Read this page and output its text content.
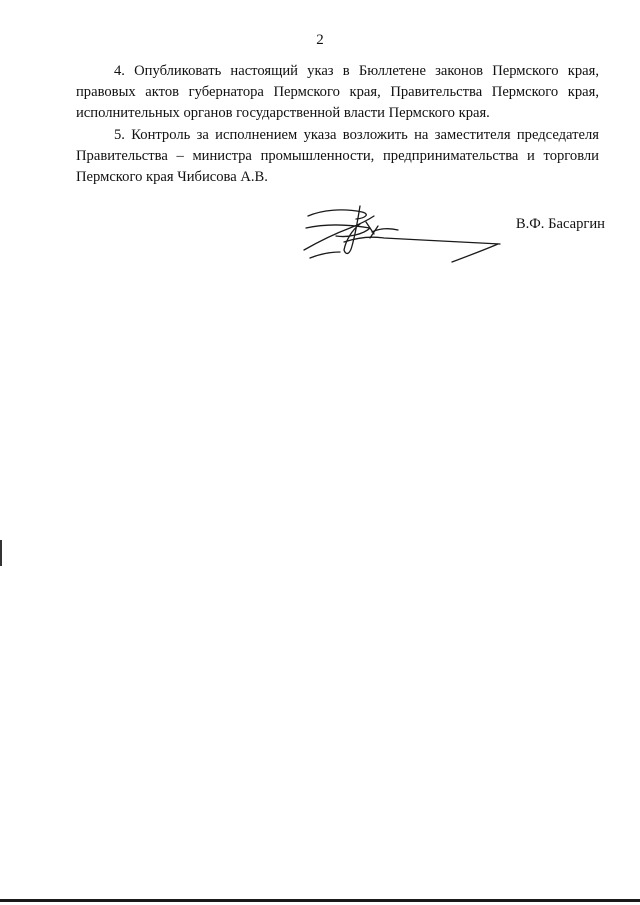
2

4. Опубликовать настоящий указ в Бюллетене законов Пермского края, правовых актов губернатора Пермского края, Правительства Пермского края, исполнительных органов государственной власти Пермского края.

5. Контроль за исполнением указа возложить на заместителя председателя Правительства – министра промышленности, предпринимательства и торговли Пермского края Чибисова А.В.

В.Ф. Басаргин
